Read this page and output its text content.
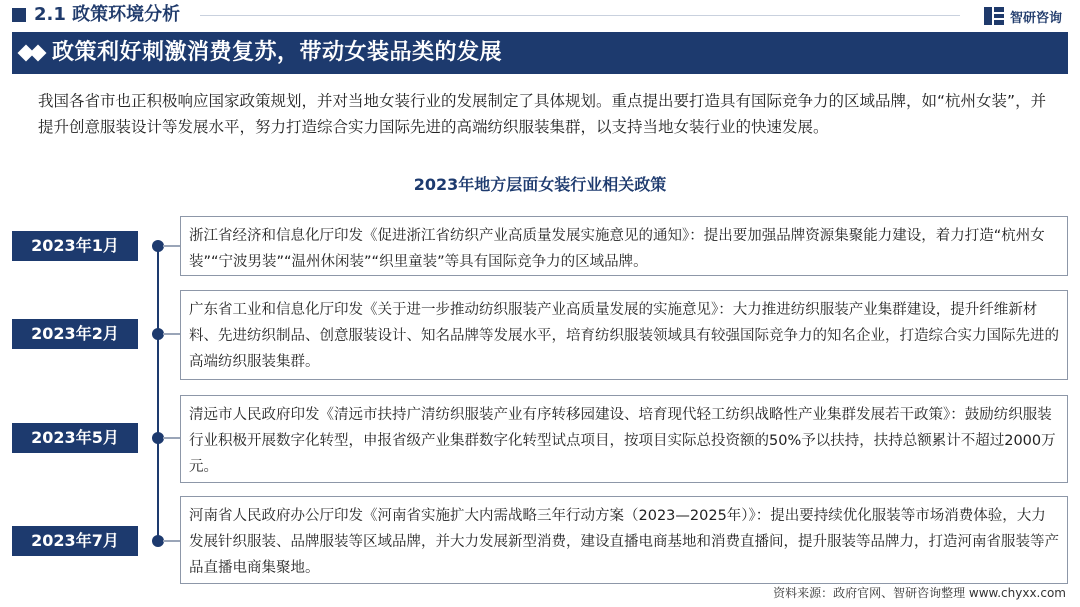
2.1 政策环境分析	智研咨询
政策利好刺激消费复苏，带动女装品类的发展
我国各省市也正积极响应国家政策规划，并对当地女装行业的发展制定了具体规划。重点提出要打造具有国际竞争力的区域品牌，如“杭州女装”，并提升创意服装设计等发展水平，努力打造综合实力国际先进的高端纺织服装集群，以支持当地女装行业的快速发展。
2023年地方层面女装行业相关政策
2023年1月	浙江省经济和信息化厅印发《促进浙江省纺织产业高质量发展实施意见的通知》：提出要加强品牌资源集聚能力建设，着力打造“杭州女装”“宁波男装”“温州休闲装”“织里童装”等具有国际竞争力的区域品牌。
2023年2月
广东省工业和信息化厅印发《关于进一步推动纺织服装产业高质量发展的实施意见》：大力推进纺织服装产业集群建设，提升纤维新材料、先进纺织制品、创意服装设计、知名品牌等发展水平，培育纺织服装领域具有较强国际竞争力的知名企业，打造综合实力国际先进的高端纺织服装集群。
2023年5月
清远市人民政府印发《清远市扶持广清纺织服装产业有序转移园建设、培育现代轻工纺织战略性产业集群发展若干政策》：鼓励纺织服装行业积极开展数字化转型，申报省级产业集群数字化转型试点项目，按项目实际总投资额的50%予以扶持，扶持总额累计不超过2000万元。
2023年7月
河南省人民政府办公厅印发《河南省实施扩大内需战略三年行动方案（2023—2025年）》：提出要持续优化服装等市场消费体验，大力发展针织服装、品牌服装等区域品牌，并大力发展新型消费，建设直播电商基地和消费直播间，提升服装等品牌力，打造河南省服装等产品直播电商集聚地。
资料来源：政府官网、智研咨询整理 www.chyxx.com
